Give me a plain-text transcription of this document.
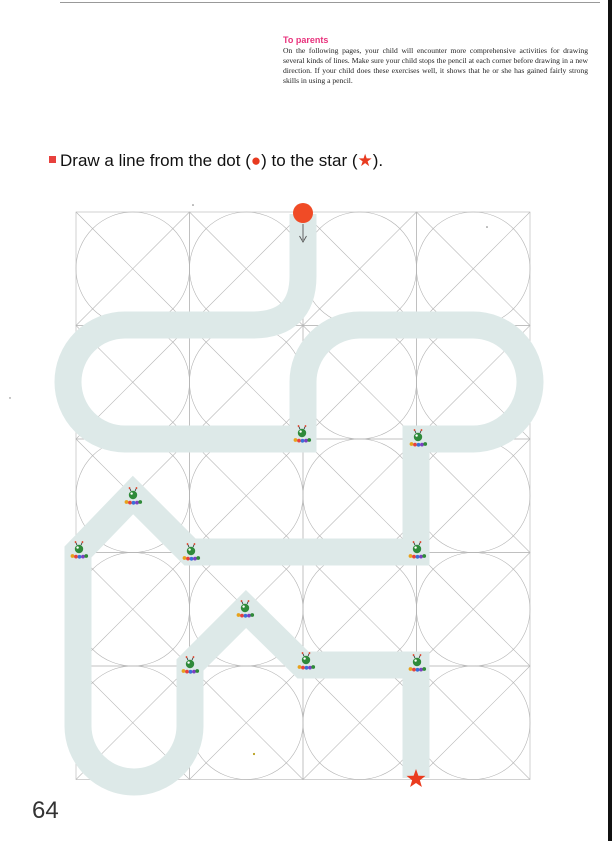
To parents

On the following pages, your child will encounter more comprehensive activities for drawing several kinds of lines. Make sure your child stops the pencil at each corner before drawing in a new direction. If your child does these exercises well, it shows that he or she has gained fairly strong skills in using a pencil.

Draw a line from the dot (●) to the star (★).
64
